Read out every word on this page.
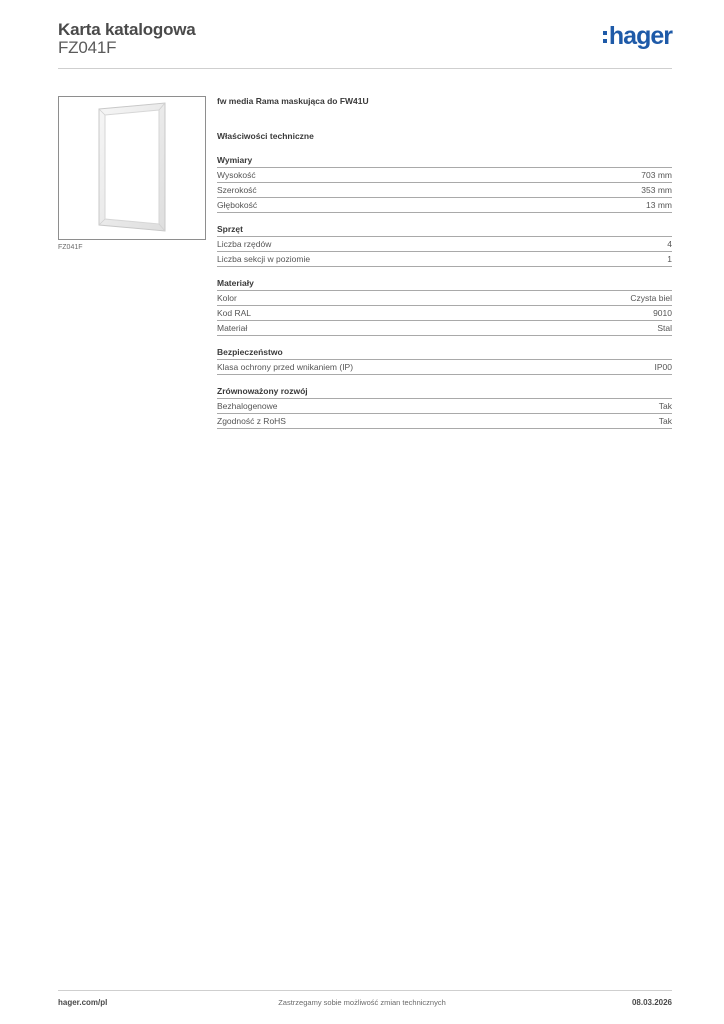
Karta katalogowa
FZ041F	hager
FZ041F
fw media Rama maskująca do FW41U
Właściwości techniczne
Wymiary
Wysokość	703 mm
Szerokość	353 mm
Głębokość	13 mm
Sprzęt
Liczba rzędów	4
Liczba sekcji w poziomie	1
Materiały
Kolor	Czysta biel
Kod RAL	9010
Materiał	Stal
Bezpieczeństwo
Klasa ochrony przed wnikaniem (IP)	IP00
Zrównoważony rozwój
Bezhalogenowe	Tak
Zgodność z RoHS	Tak
hager.com/pl	Zastrzegamy sobie możliwość zmian technicznych	08.03.2026
